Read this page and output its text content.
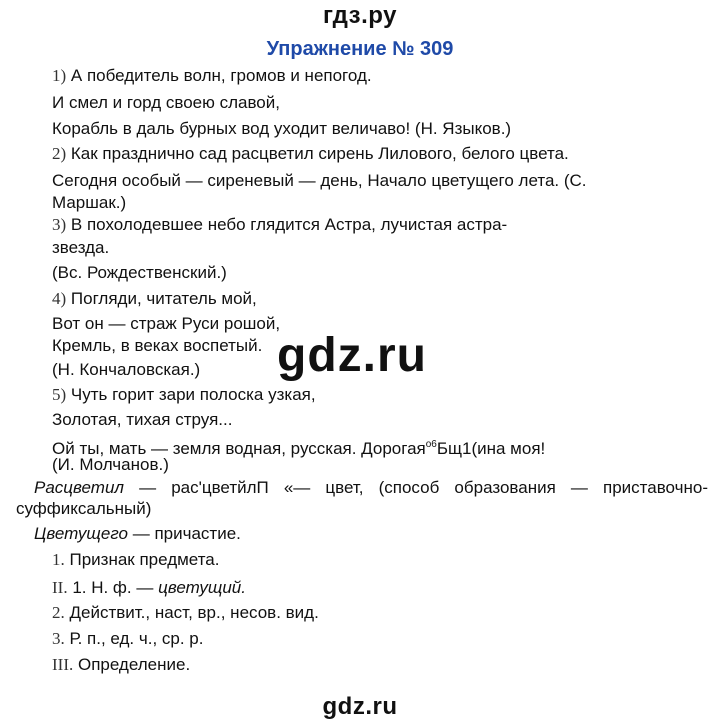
гдз.ру
Упражнение № 309
1) А победитель волн, громов и непогод.
И смел и горд своею славой,
Корабль в даль бурных вод уходит величаво! (Н. Языков.)
2) Как празднично сад расцветил сирень Лилового, белого цвета.
Сегодня особый — сиреневый — день, Начало цветущего лета. (С.
Маршак.)
3) В похолодевшее небо глядится Астра, лучистая астра-
звезда.
(Вс. Рождественский.)
4) Погляди, читатель мой,
Вот он — страж Руси рошой,
Кремль, в веках воспетый.
(Н. Кончаловская.)
5) Чуть горит зари полоска узкая,
Золотая, тихая струя...
Ой ты, мать — земля водная, русская. Дорогая$^{о6}$Бщ1(ина моя!
(И. Молчанов.)
Расцветил — рас'цветйлП «— цвет, (способ образования — приставочно-
суффиксальный)
Цветущего — причастие.
1. Признак предмета.
II. 1. Н. ф. — цветущий.
2. Действит., наст, вр., несов. вид.
3. Р. п., ед. ч., ср. р.
III. Определение.
gdz.ru
gdz.ru
